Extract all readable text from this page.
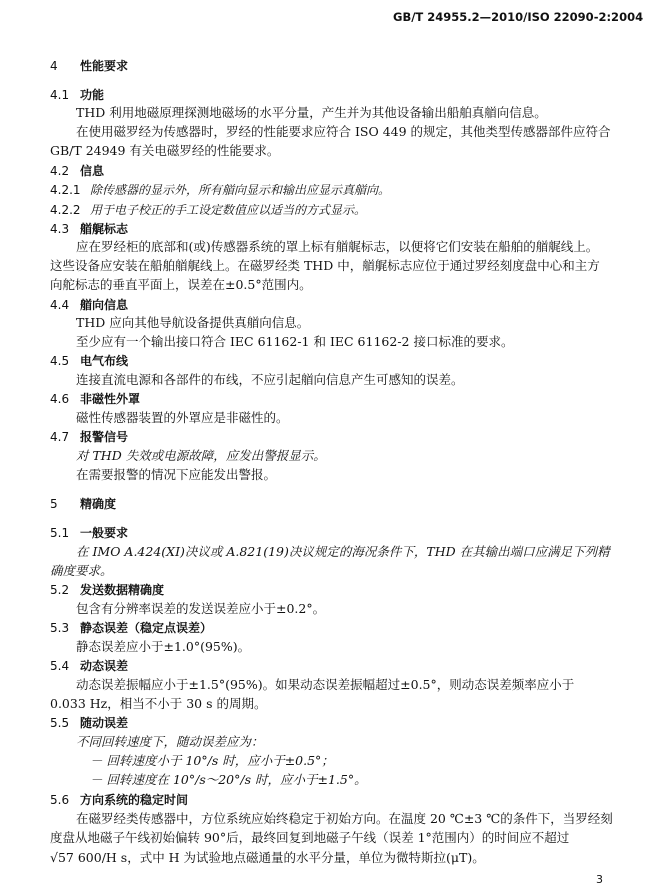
GB/T 24955.2—2010/ISO 22090-2:2004
4 性能要求
4.1 功能
THD 利用地磁原理探测地磁场的水平分量，产生并为其他设备输出船舶真艏向信息。
在使用磁罗经为传感器时，罗经的性能要求应符合 ISO 449 的规定，其他类型传感器部件应符合
GB/T 24949 有关电磁罗经的性能要求。
4.2 信息
4.2.1 除传感器的显示外，所有艏向显示和输出应显示真艏向。
4.2.2 用于电子校正的手工设定数值应以适当的方式显示。
4.3 艏艉标志
应在罗经柜的底部和(或)传感器系统的罩上标有艏艉标志，以便将它们安装在船舶的艏艉线上。
这些设备应安装在船舶艏艉线上。在磁罗经类 THD 中，艏艉标志应位于通过罗经刻度盘中心和主方
向舵标志的垂直平面上，误差在±0.5°范围内。
4.4 艏向信息
THD 应向其他导航设备提供真艏向信息。
至少应有一个输出接口符合 IEC 61162-1 和 IEC 61162-2 接口标准的要求。
4.5 电气布线
连接直流电源和各部件的布线，不应引起艏向信息产生可感知的误差。
4.6 非磁性外罩
磁性传感器装置的外罩应是非磁性的。
4.7 报警信号
对 THD 失效或电源故障，应发出警报显示。
在需要报警的情况下应能发出警报。
5 精确度
5.1 一般要求
在 IMO A.424(XI)决议或 A.821(19)决议规定的海况条件下，THD 在其输出端口应满足下列精
确度要求。
5.2 发送数据精确度
包含有分辨率误差的发送误差应小于±0.2°。
5.3 静态误差（稳定点误差）
静态误差应小于±1.0°(95%)。
5.4 动态误差
动态误差振幅应小于±1.5°(95%)。如果动态误差振幅超过±0.5°，则动态误差频率应小于
0.033 Hz，相当不小于 30 s 的周期。
5.5 随动误差
不同回转速度下，随动误差应为：
－ 回转速度小于 10°/s 时，应小于±0.5°；
－ 回转速度在 10°/s～20°/s 时，应小于±1.5°。
5.6 方向系统的稳定时间
在磁罗经类传感器中，方位系统应始终稳定于初始方向。在温度 20 ℃±3 ℃的条件下，当罗经刻
度盘从地磁子午线初始偏转 90°后，最终回复到地磁子午线（误差 1°范围内）的时间应不超过
√57 600/H s，式中 H 为试验地点磁通量的水平分量，单位为微特斯拉(μT)。
3
